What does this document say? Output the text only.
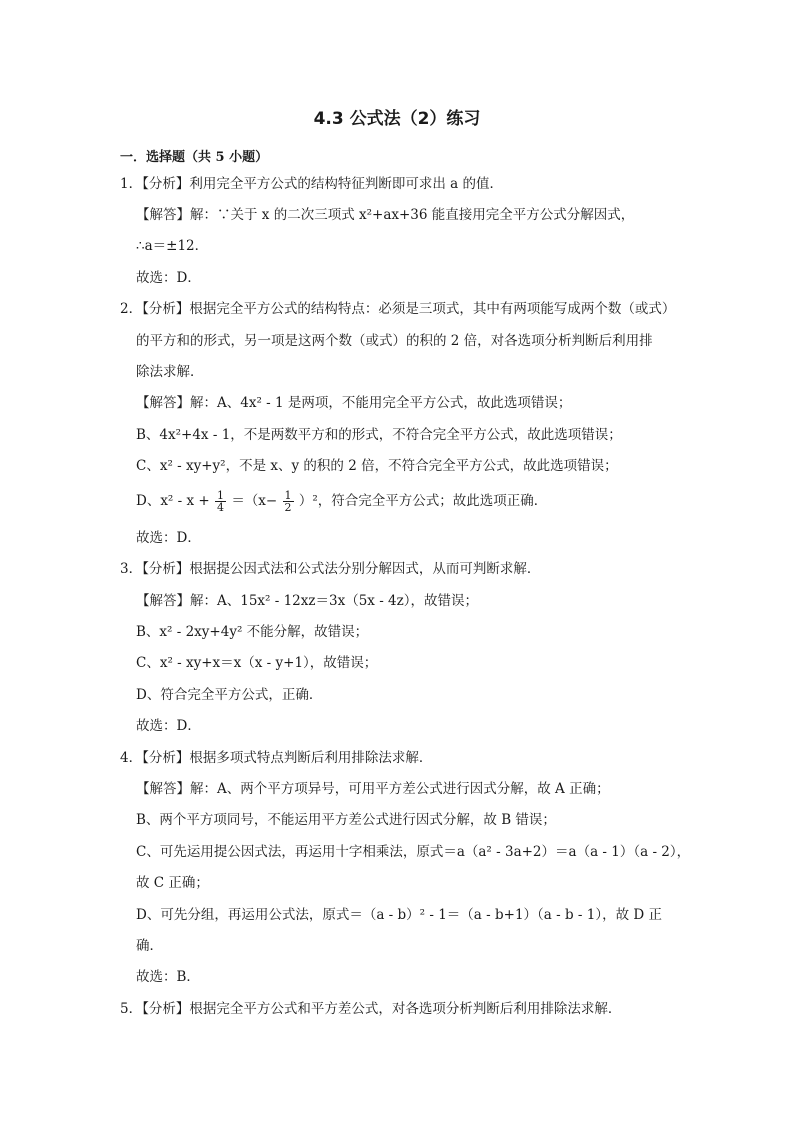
4.3 公式法（2）练习
一．选择题（共 5 小题）
1．【分析】利用完全平方公式的结构特征判断即可求出 a 的值．
【解答】解：∵关于 x 的二次三项式 x²+ax+36 能直接用完全平方公式分解因式，
∴a＝±12．
故选：D．
2．【分析】根据完全平方公式的结构特点：必须是三项式，其中有两项能写成两个数（或式）
的平方和的形式，另一项是这两个数（或式）的积的 2 倍，对各选项分析判断后利用排
除法求解．
【解答】解：A、4x² - 1 是两项，不能用完全平方公式，故此选项错误；
B、4x²+4x - 1，不是两数平方和的形式，不符合完全平方公式，故此选项错误；
C、x² - xy+y²，不是 x、y 的积的 2 倍，不符合完全平方公式，故此选项错误；
D、$x^2 - x + \frac{1}{4} =(x- \frac{1}{2} )^2$，符合完全平方公式；故此选项正确．
故选：D．
3．【分析】根据提公因式法和公式法分别分解因式，从而可判断求解．
【解答】解：A、15x² - 12xz＝3x（5x - 4z），故错误；
B、x² - 2xy+4y² 不能分解，故错误；
C、x² - xy+x＝x（x - y+1），故错误；
D、符合完全平方公式，正确．
故选：D．
4．【分析】根据多项式特点判断后利用排除法求解．
【解答】解：A、两个平方项异号，可用平方差公式进行因式分解，故 A 正确；
B、两个平方项同号，不能运用平方差公式进行因式分解，故 B 错误；
C、可先运用提公因式法，再运用十字相乘法，原式＝a（a² - 3a+2）＝a（a - 1）（a - 2），
故 C 正确；
D、可先分组，再运用公式法，原式＝（a - b）² - 1＝（a - b+1）（a - b - 1），故 D 正
确．
故选：B．
5．【分析】根据完全平方公式和平方差公式，对各选项分析判断后利用排除法求解．
